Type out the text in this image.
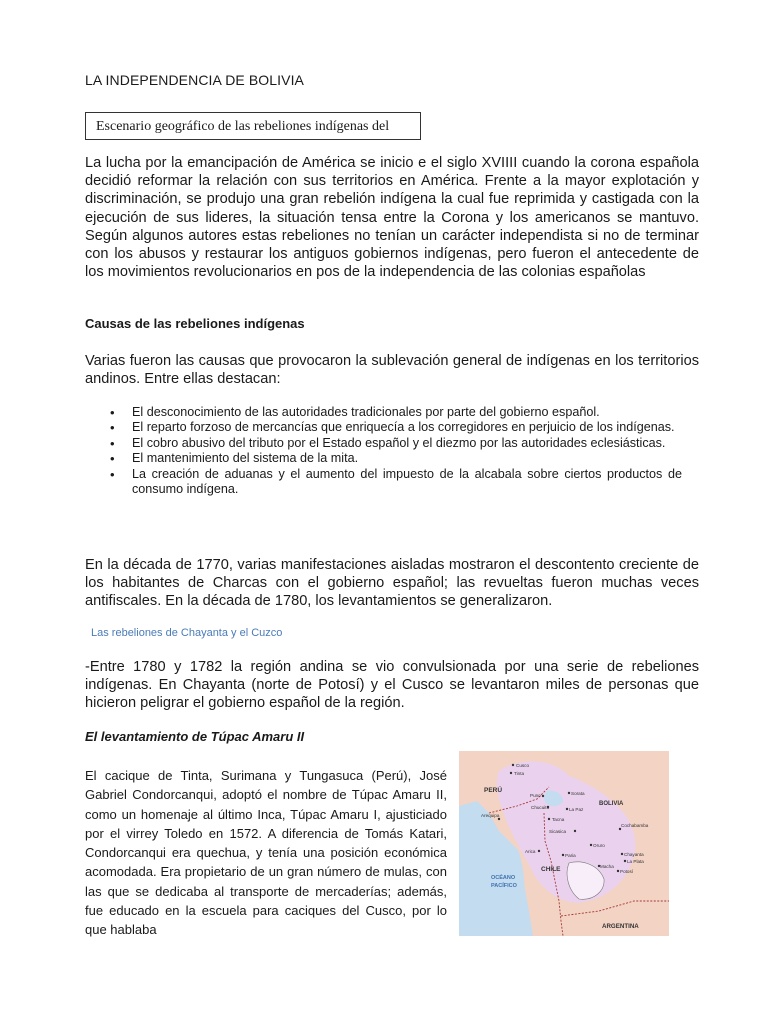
LA INDEPENDENCIA DE BOLIVIA
Escenario geográfico de las rebeliones indígenas del
La lucha por la emancipación de América se inicio e el siglo XVIIII cuando la corona española decidió reformar la relación con sus territorios en América. Frente a la mayor explotación y discriminación, se produjo una gran rebelión indígena la cual fue reprimida y castigada con la ejecución de sus lideres, la situación tensa entre la Corona y los americanos se mantuvo. Según algunos autores estas rebeliones no tenían un carácter independista si no de terminar con los abusos y restaurar los antiguos gobiernos indígenas, pero fueron el antecedente de los movimientos revolucionarios en pos de la independencia de las colonias españolas
Causas de las rebeliones indígenas
Varias fueron las causas que provocaron la sublevación general de indígenas en los territorios andinos. Entre ellas destacan:
• El desconocimiento de las autoridades tradicionales por parte del gobierno español.
• El reparto forzoso de mercancías que enriquecía a los corregidores en perjuicio de los indígenas.
• El cobro abusivo del tributo por el Estado español y el diezmo por las autoridades eclesiásticas.
• El mantenimiento del sistema de la mita.
• La creación de aduanas y el aumento del impuesto de la alcabala sobre ciertos productos de consumo indígena.
En la década de 1770, varias manifestaciones aisladas mostraron el descontento creciente de los habitantes de Charcas con el gobierno español; las revueltas fueron muchas veces antifiscales. En la década de 1780, los levantamientos se generalizaron.
Las rebeliones de Chayanta y el Cuzco
-Entre 1780 y 1782 la región andina se vio convulsionada por una serie de rebeliones indígenas. En Chayanta (norte de Potosí) y el Cusco se levantaron miles de personas que hicieron peligrar el gobierno español de la región.
El levantamiento de Túpac Amaru II
El cacique de Tinta, Surimana y Tungasuca (Perú), José Gabriel Condorcanqui, adoptó el nombre de Túpac Amaru II, como un homenaje al último Inca, Túpac Amaru I, ajusticiado por el virrey Toledo en 1572. A diferencia de Tomás Katari, Condorcanqui era quechua, y tenía una posición económica acomodada. Era propietario de un gran número de mulas, con las que se dedicaba al transporte de mercaderías; además, fue educado en la escuela para caciques del Cusco, por lo que hablaba
PERÚ
BOLIVIA
CHILE
ARGENTINA
OCÉANO
PACÍFICO
Cusco
Tinta
Puno	Sorata
Chucuito	La Paz
Arequipa
Tacna
Sicasica
Cochabamba
Arica
Oruro
Paria	Chayanta
La Plata
Macha
Potosí
